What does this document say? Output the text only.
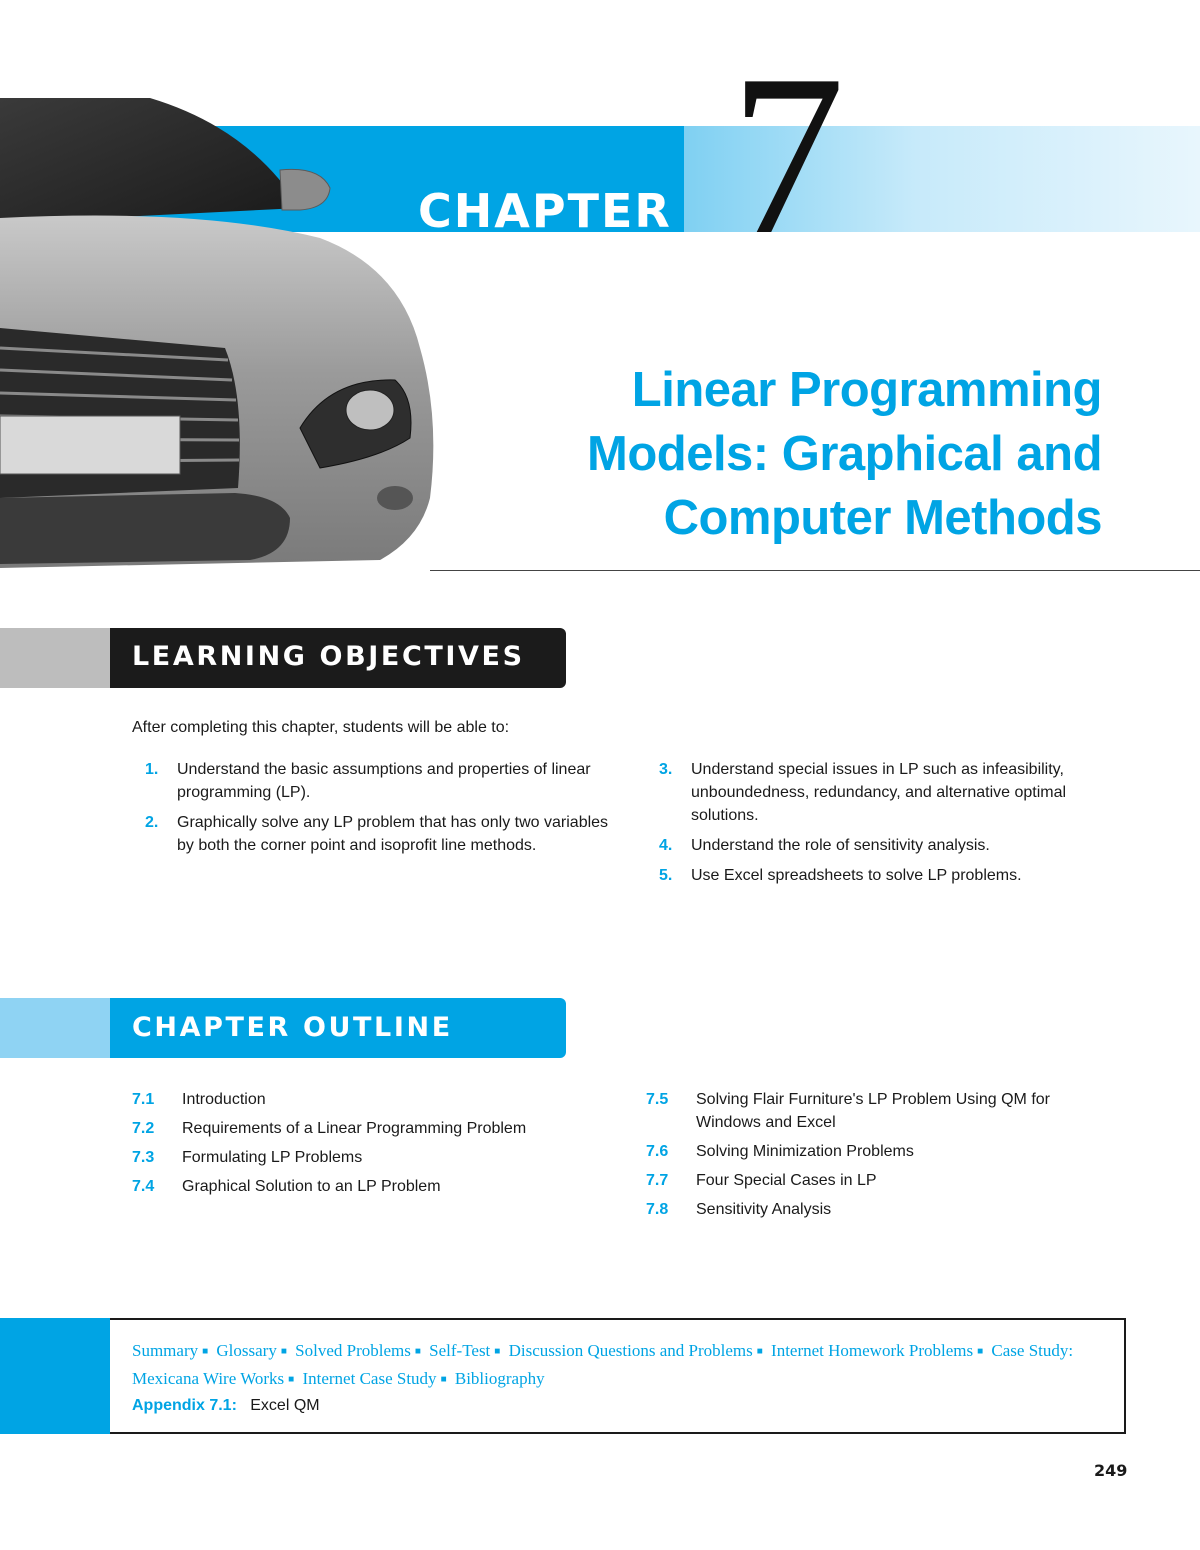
CHAPTER 7
Linear Programming
Models: Graphical and
Computer Methods
LEARNING OBJECTIVES
After completing this chapter, students will be able to:
1. Understand the basic assumptions and properties of linear programming (LP).
2. Graphically solve any LP problem that has only two variables by both the corner point and isoprofit line methods.
3. Understand special issues in LP such as infeasibility, unboundedness, redundancy, and alternative optimal solutions.
4. Understand the role of sensitivity analysis.
5. Use Excel spreadsheets to solve LP problems.
CHAPTER OUTLINE
7.1 Introduction
7.2 Requirements of a Linear Programming Problem
7.3 Formulating LP Problems
7.4 Graphical Solution to an LP Problem
7.5 Solving Flair Furniture's LP Problem Using QM for Windows and Excel
7.6 Solving Minimization Problems
7.7 Four Special Cases in LP
7.8 Sensitivity Analysis
Summary ■ Glossary ■ Solved Problems ■ Self-Test ■ Discussion Questions and Problems ■ Internet Homework Problems ■ Case Study: Mexicana Wire Works ■ Internet Case Study ■ Bibliography
Appendix 7.1: Excel QM
249
